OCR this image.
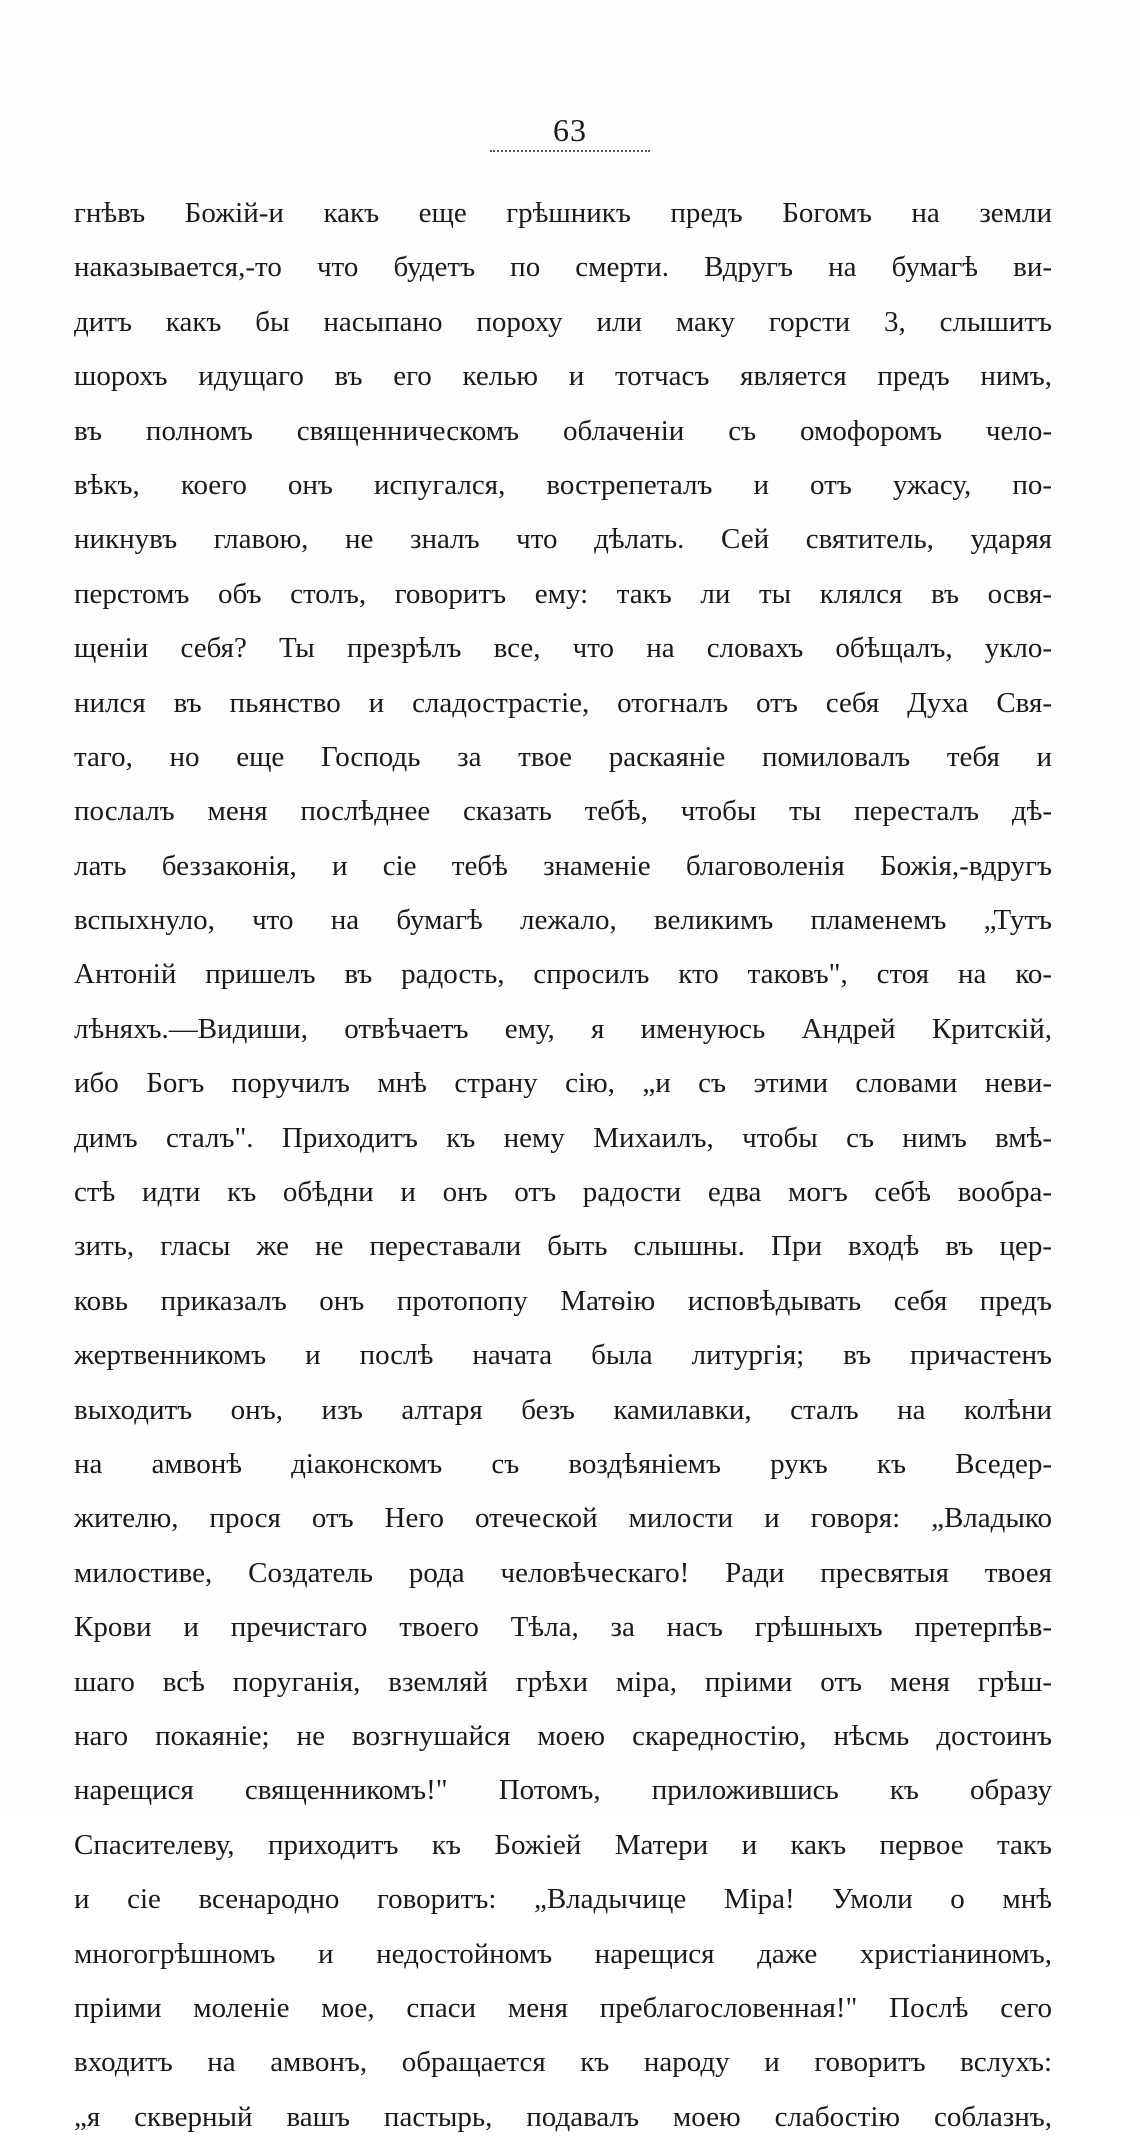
63
гнѣвъ Божій-и какъ еще грѣшникъ предъ Богомъ на земли
наказывается,-то что будетъ по смерти. Вдругъ на бумагѣ ви-
дитъ какъ бы насыпано пороху или маку горсти 3, слышитъ
шорохъ идущаго въ его келью и тотчасъ является предъ нимъ,
въ полномъ священническомъ облаченіи съ омофоромъ чело-
вѣкъ, коего онъ испугался, вострепеталъ и отъ ужасу, по-
никнувъ главою, не зналъ что дѣлать. Сей святитель, ударяя
перстомъ объ столъ, говоритъ ему: такъ ли ты клялся въ освя-
щеніи себя? Ты презрѣлъ все, что на словахъ обѣщалъ, укло-
нился въ пьянство и сладострастіе, отогналъ отъ себя Духа Свя-
таго, но еще Господь за твое раскаяніе помиловалъ тебя и
послалъ меня послѣднее сказать тебѣ, чтобы ты пересталъ дѣ-
лать беззаконія, и сіе тебѣ знаменіе благоволенія Божія,-вдругъ
вспыхнуло, что на бумагѣ лежало, великимъ пламенемъ „Тутъ
Антоній пришелъ въ радость, спросилъ кто таковъ", стоя на ко-
лѣняхъ.—Видиши, отвѣчаетъ ему, я именуюсь Андрей Критскій,
ибо Богъ поручилъ мнѣ страну сію, „и съ этими словами неви-
димъ сталъ". Приходитъ къ нему Михаилъ, чтобы съ нимъ вмѣ-
стѣ идти къ обѣдни и онъ отъ радости едва могъ себѣ вообра-
зить, гласы же не переставали быть слышны. При входѣ въ цер-
ковь приказалъ онъ протопопу Матѳію исповѣдывать себя предъ
жертвенникомъ и послѣ начата была литургія; въ причастенъ
выходитъ онъ, изъ алтаря безъ камилавки, сталъ на колѣни
на амвонѣ діаконскомъ съ воздѣяніемъ рукъ къ Вседер-
жителю, прося отъ Него отеческой милости и говоря: „Владыко
милостиве, Создатель рода человѣческаго! Ради пресвятыя твоея
Крови и пречистаго твоего Тѣла, за насъ грѣшныхъ претерпѣв-
шаго всѣ поруганія, вземляй грѣхи міра, пріими отъ меня грѣш-
наго покаяніе; не возгнушайся моею скаредностію, нѣсмь достоинъ
нарещися священникомъ!" Потомъ, приложившись къ образу
Спасителеву, приходитъ къ Божіей Матери и какъ первое такъ
и сіе всенародно говоритъ: „Владычице Міра! Умоли о мнѣ
многогрѣшномъ и недостойномъ нарещися даже христіаниномъ,
пріими моленіе мое, спаси меня преблагословенная!" Послѣ сего
входитъ на амвонъ, обращается къ народу и говоритъ вслухъ:
„я скверный вашъ пастырь, подавалъ моею слабостію соблазнъ,
